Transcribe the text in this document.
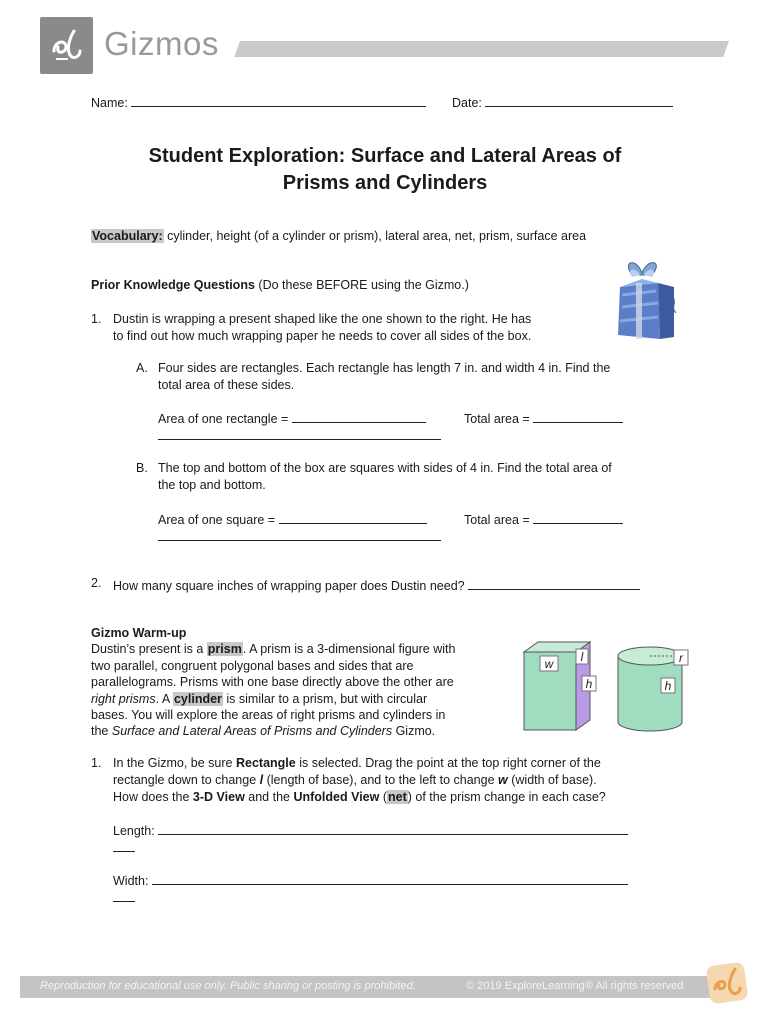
Gizmos
Name:	Date:
Student Exploration: Surface and Lateral Areas of
Prisms and Cylinders
Vocabulary: cylinder, height (of a cylinder or prism), lateral area, net, prism, surface area
Prior Knowledge Questions (Do these BEFORE using the Gizmo.)
1. Dustin is wrapping a present shaped like the one shown to the right. He has
to find out how much wrapping paper he needs to cover all sides of the box.
A. Four sides are rectangles. Each rectangle has length 7 in. and width 4 in. Find the
total area of these sides.
Area of one rectangle =	Total area =
B. The top and bottom of the box are squares with sides of 4 in. Find the total area of
the top and bottom.
Area of one square =	Total area =
2. How many square inches of wrapping paper does Dustin need?
Gizmo Warm-up
Dustin’s present is a prism. A prism is a 3-dimensional figure with
two parallel, congruent polygonal bases and sides that are
parallelograms. Prisms with one base directly above the other are
right prisms. A cylinder is similar to a prism, but with circular
bases. You will explore the areas of right prisms and cylinders in
the Surface and Lateral Areas of Prisms and Cylinders Gizmo.
w l
h
r
h
1. In the Gizmo, be sure Rectangle is selected. Drag the point at the top right corner of the
rectangle down to change l (length of base), and to the left to change w (width of base).
How does the 3-D View and the Unfolded View (net) of the prism change in each case?
Length:
Width:
Reproduction for educational use only. Public sharing or posting is prohibited.	© 2019 ExploreLearning® All rights reserved
